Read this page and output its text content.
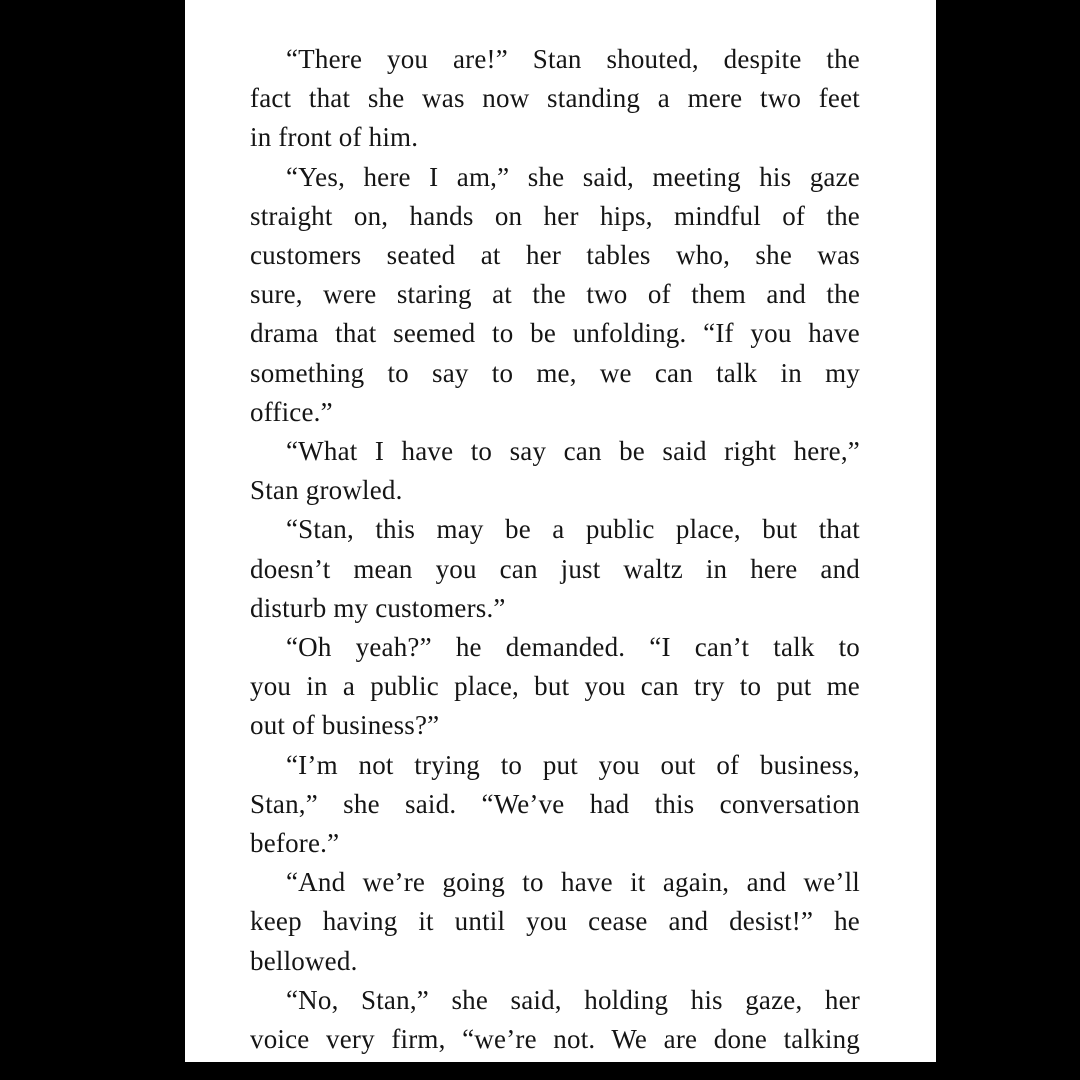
“There you are!” Stan shouted, despite the
fact that she was now standing a mere two feet
in front of him.
“Yes, here I am,” she said, meeting his gaze
straight on, hands on her hips, mindful of the
customers seated at her tables who, she was
sure, were staring at the two of them and the
drama that seemed to be unfolding. “If you have
something to say to me, we can talk in my
office.”
“What I have to say can be said right here,”
Stan growled.
“Stan, this may be a public place, but that
doesn’t mean you can just waltz in here and
disturb my customers.”
“Oh yeah?” he demanded. “I can’t talk to
you in a public place, but you can try to put me
out of business?”
“I’m not trying to put you out of business,
Stan,” she said. “We’ve had this conversation
before.”
“And we’re going to have it again, and we’ll
keep having it until you cease and desist!” he
bellowed.
“No, Stan,” she said, holding his gaze, her
voice very firm, “we’re not. We are done talking
